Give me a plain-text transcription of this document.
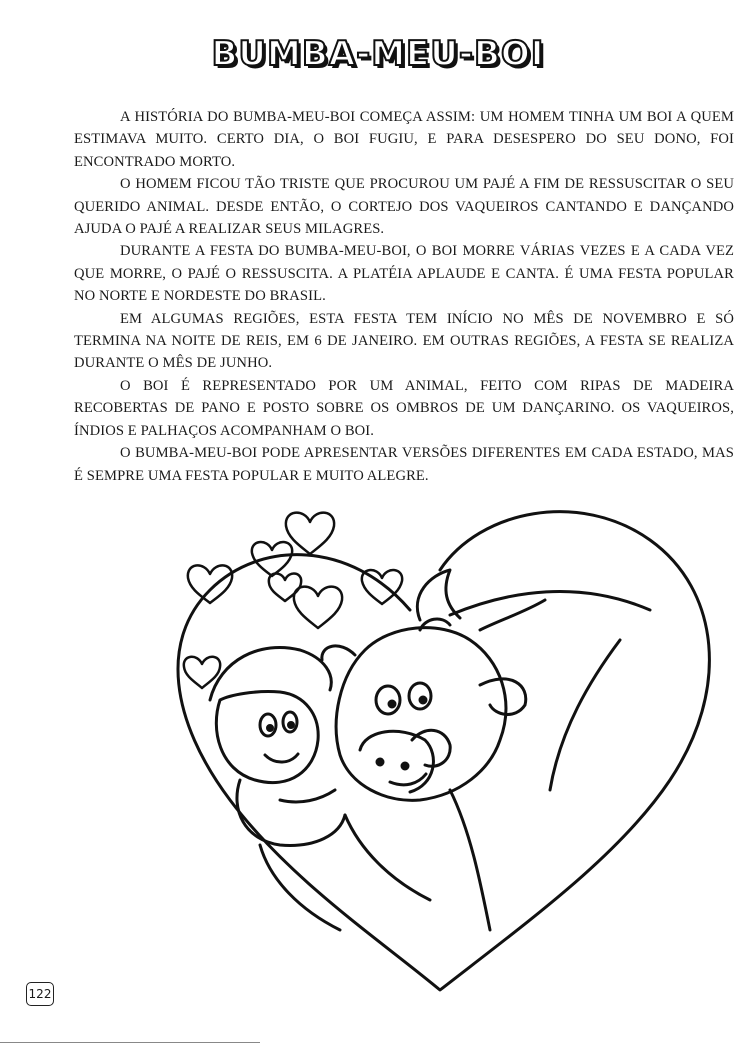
BUMBA-MEU-BOI

A HISTÓRIA DO BUMBA-MEU-BOI COMEÇA ASSIM: UM HOMEM TINHA UM BOI A QUEM ESTIMAVA MUITO. CERTO DIA, O BOI FUGIU, E PARA DESESPERO DO SEU DONO, FOI ENCONTRADO MORTO.

O HOMEM FICOU TÃO TRISTE QUE PROCUROU UM PAJÉ A FIM DE RESSUSCITAR O SEU QUERIDO ANIMAL. DESDE ENTÃO, O CORTEJO DOS VAQUEIROS CANTANDO E DANÇANDO AJUDA O PAJÉ A REALIZAR SEUS MILAGRES.

DURANTE A FESTA DO BUMBA-MEU-BOI, O BOI MORRE VÁRIAS VEZES E A CADA VEZ QUE MORRE, O PAJÉ O RESSUSCITA. A PLATÉIA APLAUDE E CANTA. É UMA FESTA POPULAR NO NORTE E NORDESTE DO BRASIL.

EM ALGUMAS REGIÕES, ESTA FESTA TEM INÍCIO NO MÊS DE NOVEMBRO E SÓ TERMINA NA NOITE DE REIS, EM 6 DE JANEIRO. EM OUTRAS REGIÕES, A FESTA SE REALIZA DURANTE O MÊS DE JUNHO.

O BOI É REPRESENTADO POR UM ANIMAL, FEITO COM RIPAS DE MADEIRA RECOBERTAS DE PANO E POSTO SOBRE OS OMBROS DE UM DANÇARINO. OS VAQUEIROS, ÍNDIOS E PALHAÇOS ACOMPANHAM O BOI.

O BUMBA-MEU-BOI PODE APRESENTAR VERSÕES DIFERENTES EM CADA ESTADO, MAS É SEMPRE UMA FESTA POPULAR E MUITO ALEGRE.

122
